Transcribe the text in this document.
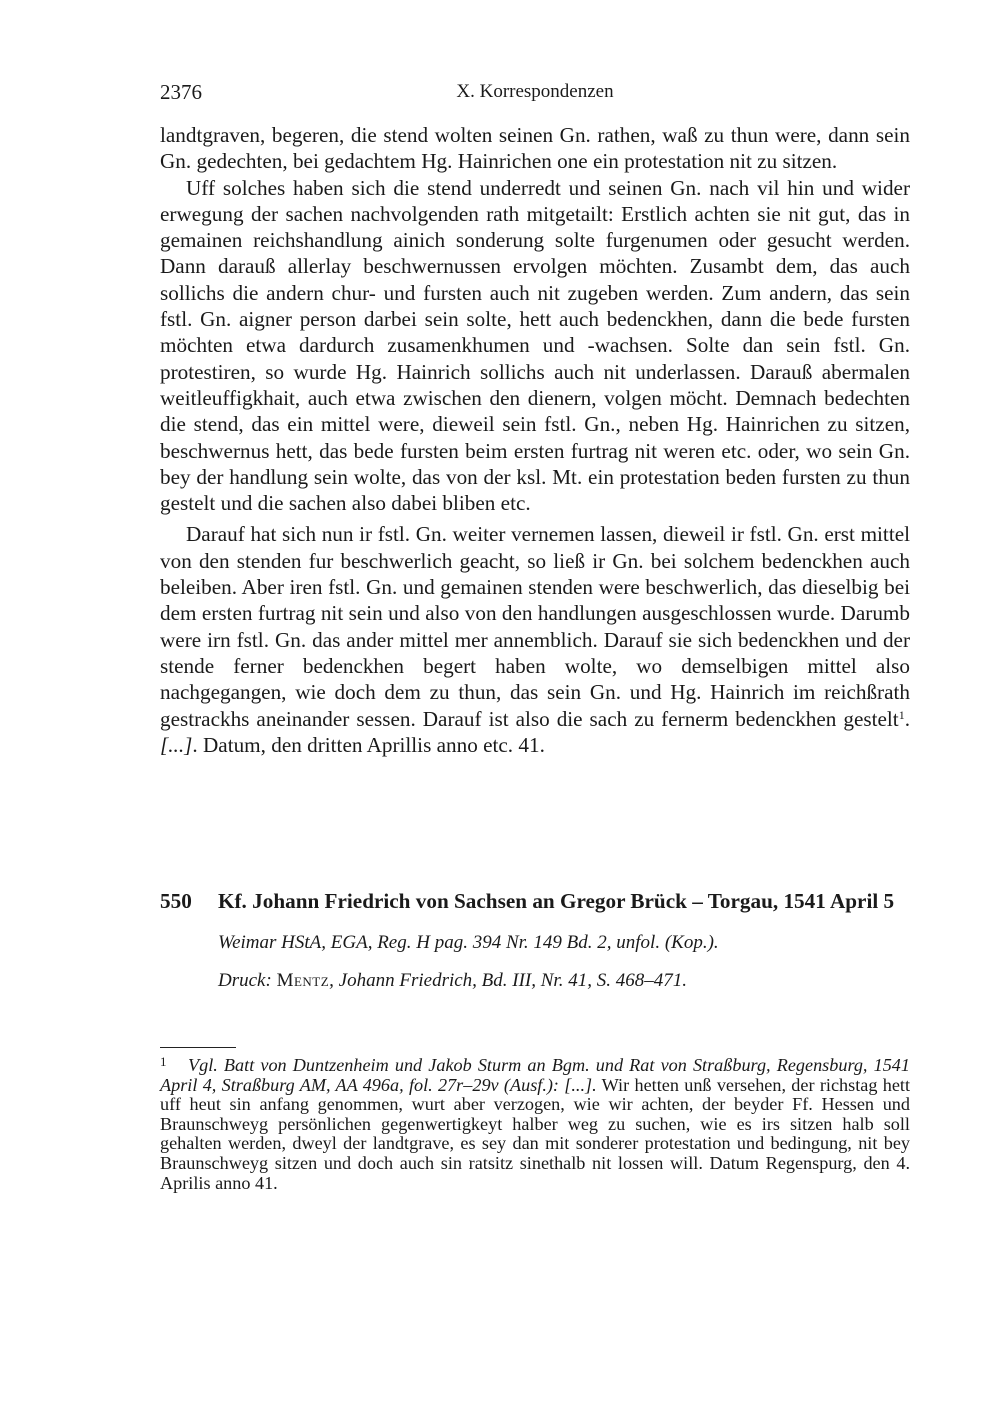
2376	X. Korrespondenzen

landtgraven, begeren, die stend wolten seinen Gn. rathen, waß zu thun were, dann sein Gn. gedechten, bei gedachtem Hg. Hainrichen one ein protestation nit zu sitzen.

Uff solches haben sich die stend underredt und seinen Gn. nach vil hin und wider erwegung der sachen nachvolgenden rath mitgetailt: Erstlich achten sie nit gut, das in gemainen reichshandlung ainich sonderung solte furgenumen oder gesucht werden. Dann darauß allerlay beschwernussen ervolgen möchten. Zusambt dem, das auch sollichs die andern chur- und fursten auch nit zugeben werden. Zum andern, das sein fstl. Gn. aigner person darbei sein solte, hett auch bedenckhen, dann die bede fursten möchten etwa dardurch zusamenkhumen und -wachsen. Solte dan sein fstl. Gn. protestiren, so wurde Hg. Hainrich sollichs auch nit underlassen. Darauß abermalen weitleuffigkhait, auch etwa zwischen den dienern, volgen möcht. Demnach bedechten die stend, das ein mittel were, dieweil sein fstl. Gn., neben Hg. Hainrichen zu sitzen, beschwernus hett, das bede fursten beim ersten furtrag nit weren etc. oder, wo sein Gn. bey der handlung sein wolte, das von der ksl. Mt. ein protestation beden fursten zu thun gestelt und die sachen also dabei bliben etc.

Darauf hat sich nun ir fstl. Gn. weiter vernemen lassen, dieweil ir fstl. Gn. erst mittel von den stenden fur beschwerlich geacht, so ließ ir Gn. bei solchem bedenckhen auch beleiben. Aber iren fstl. Gn. und gemainen stenden were beschwerlich, das dieselbig bei dem ersten furtrag nit sein und also von den handlungen ausgeschlossen wurde. Darumb were irn fstl. Gn. das ander mittel mer annemblich. Darauf sie sich bedenckhen und der stende ferner bedenckhen begert haben wolte, wo demselbigen mittel also nachgegangen, wie doch dem zu thun, das sein Gn. und Hg. Hainrich im reichßrath gestrackhs aneinander sessen. Darauf ist also die sach zu fernerm bedenckhen gestelt$^1$. [...]. Datum, den dritten Aprillis anno etc. 41.

550 Kf. Johann Friedrich von Sachsen an Gregor Brück – Torgau, 1541 April 5
Weimar HStA, EGA, Reg. H pag. 394 Nr. 149 Bd. 2, unfol. (Kop.).
Druck: Mentz, Johann Friedrich, Bd. III, Nr. 41, S. 468–471.
$^1$ Vgl. Batt von Duntzenheim und Jakob Sturm an Bgm. und Rat von Straßburg, Regensburg, 1541 April 4, Straßburg AM, AA 496a, fol. 27r–29v (Ausf.): [...]. Wir hetten unß versehen, der richstag hett uff heut sin anfang genommen, wurt aber verzogen, wie wir achten, der beyder Ff. Hessen und Braunschweyg persönlichen gegenwertigkeyt halber weg zu suchen, wie es irs sitzen halb soll gehalten werden, dweyl der landtgrave, es sey dan mit sonderer protestation und bedingung, nit bey Braunschweyg sitzen und doch auch sin ratsitz sinethalb nit lossen will. Datum Regenspurg, den 4. Aprilis anno 41.
